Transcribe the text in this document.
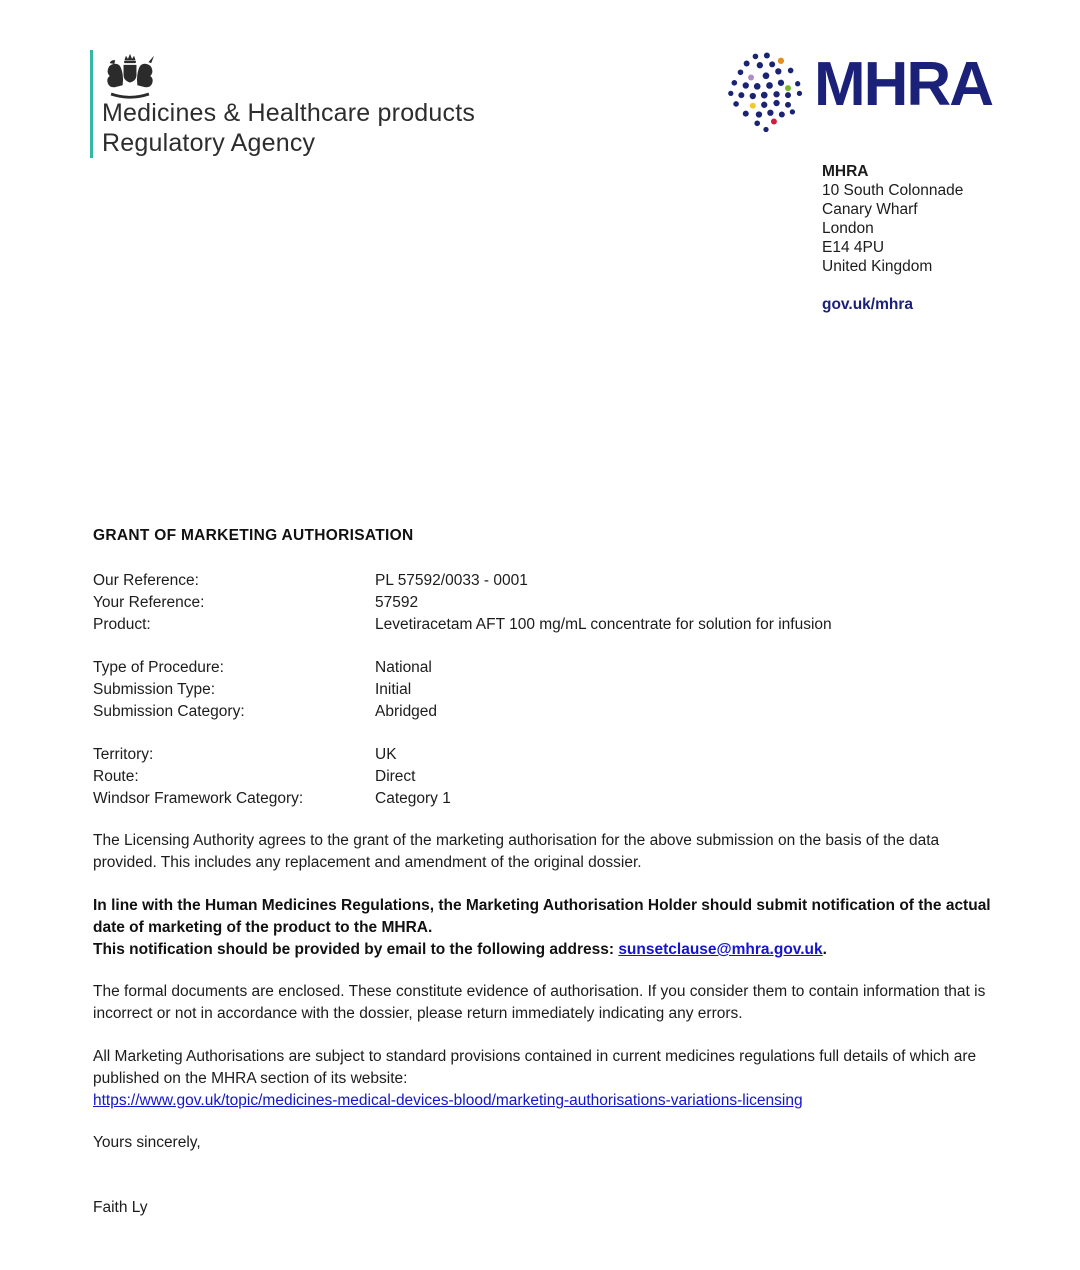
Medicines & Healthcare products
Regulatory Agency
MHRA
MHRA
10 South Colonnade
Canary Wharf
London
E14 4PU
United Kingdom
gov.uk/mhra
GRANT OF MARKETING AUTHORISATION
Our Reference:	PL 57592/0033 - 0001
Your Reference:	57592
Product:	Levetiracetam AFT 100 mg/mL concentrate for solution for infusion
Type of Procedure:	National
Submission Type:	Initial
Submission Category:	Abridged
Territory:	UK
Route:	Direct
Windsor Framework Category:	Category 1

The Licensing Authority agrees to the grant of the marketing authorisation for the above submission on the basis of the data provided. This includes any replacement and amendment of the original dossier.

In line with the Human Medicines Regulations, the Marketing Authorisation Holder should submit notification of the actual date of marketing of the product to the MHRA.

This notification should be provided by email to the following address: sunsetclause@mhra.gov.uk.

The formal documents are enclosed. These constitute evidence of authorisation. If you consider them to contain information that is incorrect or not in accordance with the dossier, please return immediately indicating any errors.

All Marketing Authorisations are subject to standard provisions contained in current medicines regulations full details of which are published on the MHRA section of its website:
https://www.gov.uk/topic/medicines-medical-devices-blood/marketing-authorisations-variations-licensing

Yours sincerely,
Faith Ly
